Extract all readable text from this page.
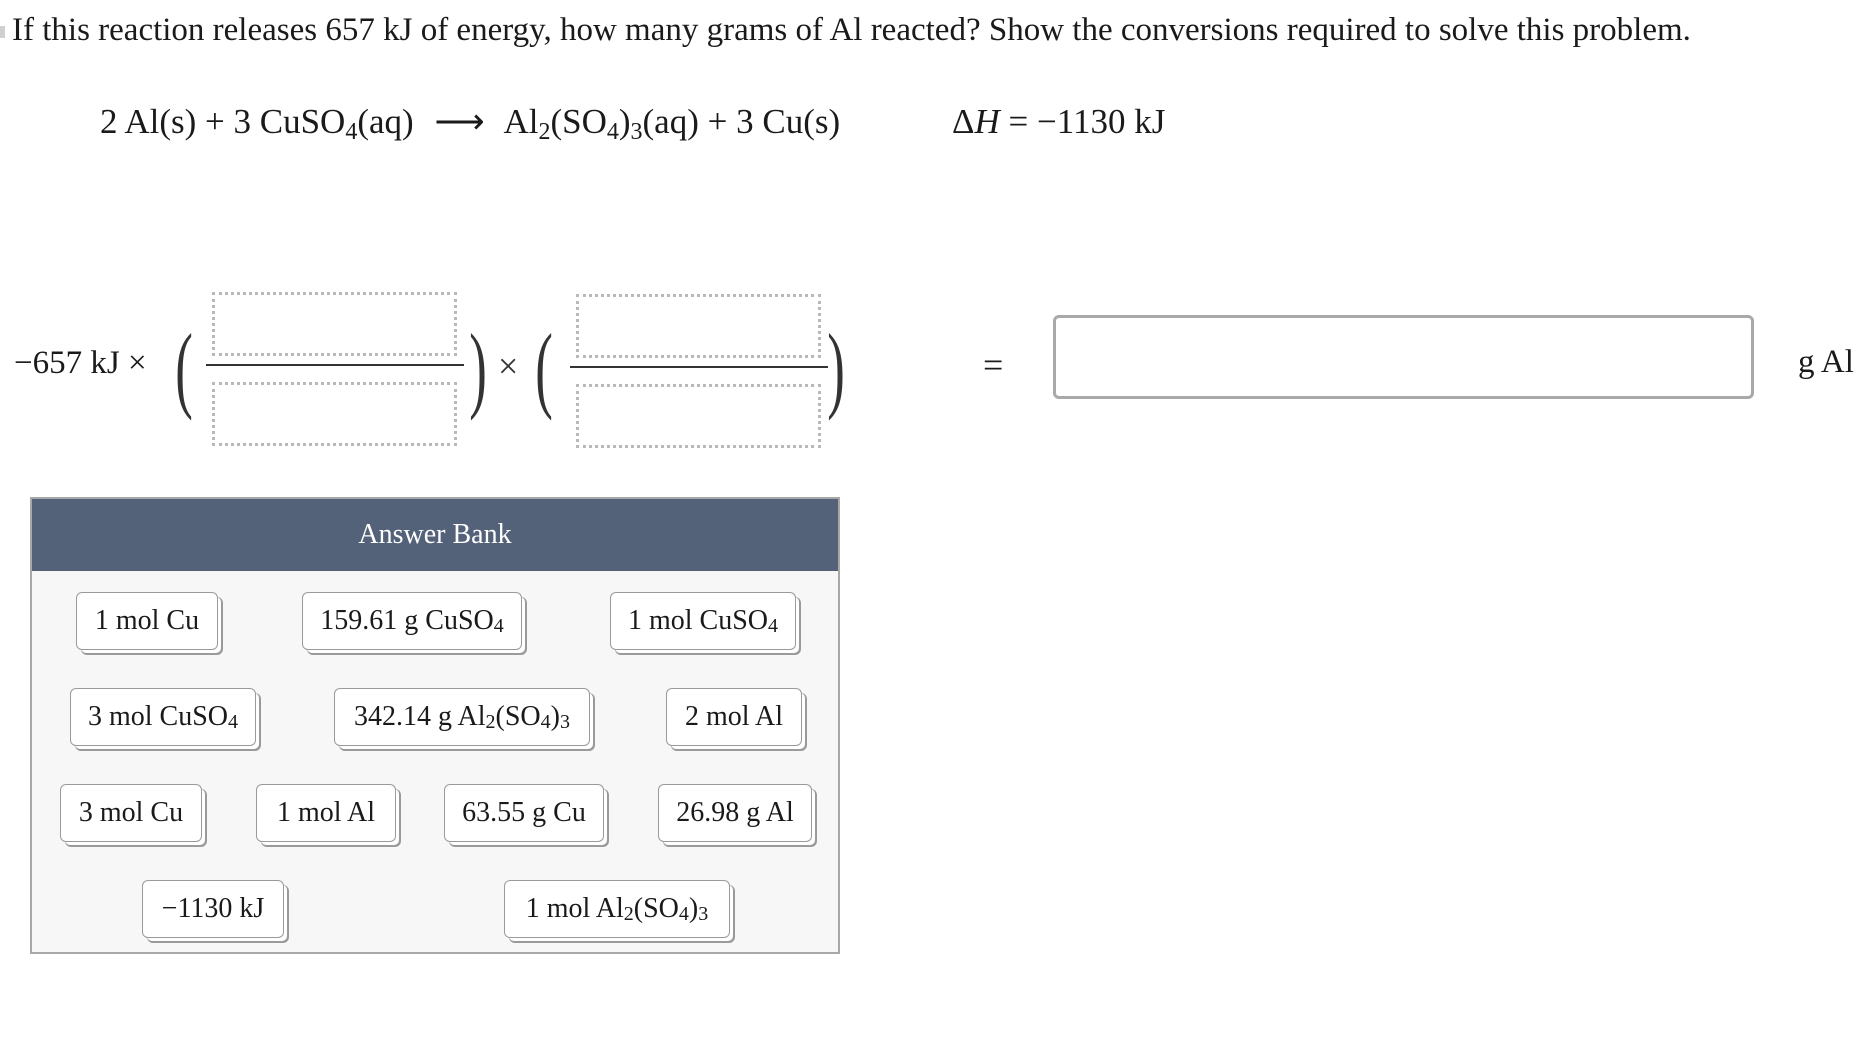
If this reaction releases 657 kJ of energy, how many grams of Al reacted? Show the conversions required to solve this problem.
2 Al(s) + 3 CuSO$_4$(aq) ⟶ $Al_2(SO_4)_3(aq) + 3$ Cu(s)	ΔH = −1130 kJ
−657 kJ × (	) × (	)	=	g Al
Answer Bank
1 mol Cu	159.61 g CuSO$_4$	1 mol CuSO$_4$
3 mol CuSO$_4$	342.14 g $Al_2$ ($SO_4$ )$_3$	2 mol Al
3 mol Cu	1 mol Al	63.55 g Cu	26.98 g Al
−1130 kJ	1 mol $Al_2$ ($SO_4$ )$_3$
